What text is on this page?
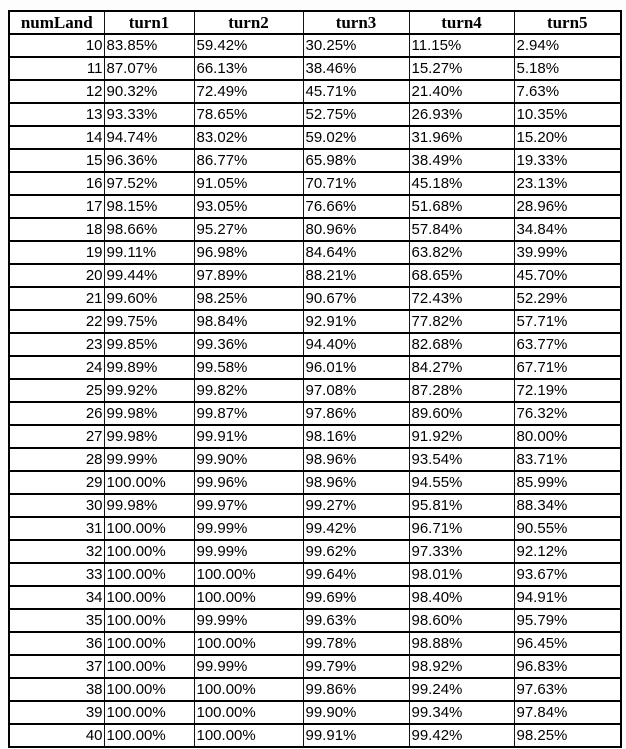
numLand	turn1	turn2	turn3	turn4	turn5
10	83.85%	59.42%	30.25%	11.15%	2.94%
11	87.07%	66.13%	38.46%	15.27%	5.18%
12	90.32%	72.49%	45.71%	21.40%	7.63%
13	93.33%	78.65%	52.75%	26.93%	10.35%
14	94.74%	83.02%	59.02%	31.96%	15.20%
15	96.36%	86.77%	65.98%	38.49%	19.33%
16	97.52%	91.05%	70.71%	45.18%	23.13%
17	98.15%	93.05%	76.66%	51.68%	28.96%
18	98.66%	95.27%	80.96%	57.84%	34.84%
19	99.11%	96.98%	84.64%	63.82%	39.99%
20	99.44%	97.89%	88.21%	68.65%	45.70%
21	99.60%	98.25%	90.67%	72.43%	52.29%
22	99.75%	98.84%	92.91%	77.82%	57.71%
23	99.85%	99.36%	94.40%	82.68%	63.77%
24	99.89%	99.58%	96.01%	84.27%	67.71%
25	99.92%	99.82%	97.08%	87.28%	72.19%
26	99.98%	99.87%	97.86%	89.60%	76.32%
27	99.98%	99.91%	98.16%	91.92%	80.00%
28	99.99%	99.90%	98.96%	93.54%	83.71%
29	100.00%	99.96%	98.96%	94.55%	85.99%
30	99.98%	99.97%	99.27%	95.81%	88.34%
31	100.00%	99.99%	99.42%	96.71%	90.55%
32	100.00%	99.99%	99.62%	97.33%	92.12%
33	100.00%	100.00%	99.64%	98.01%	93.67%
34	100.00%	100.00%	99.69%	98.40%	94.91%
35	100.00%	99.99%	99.63%	98.60%	95.79%
36	100.00%	100.00%	99.78%	98.88%	96.45%
37	100.00%	99.99%	99.79%	98.92%	96.83%
38	100.00%	100.00%	99.86%	99.24%	97.63%
39	100.00%	100.00%	99.90%	99.34%	97.84%
40	100.00%	100.00%	99.91%	99.42%	98.25%
